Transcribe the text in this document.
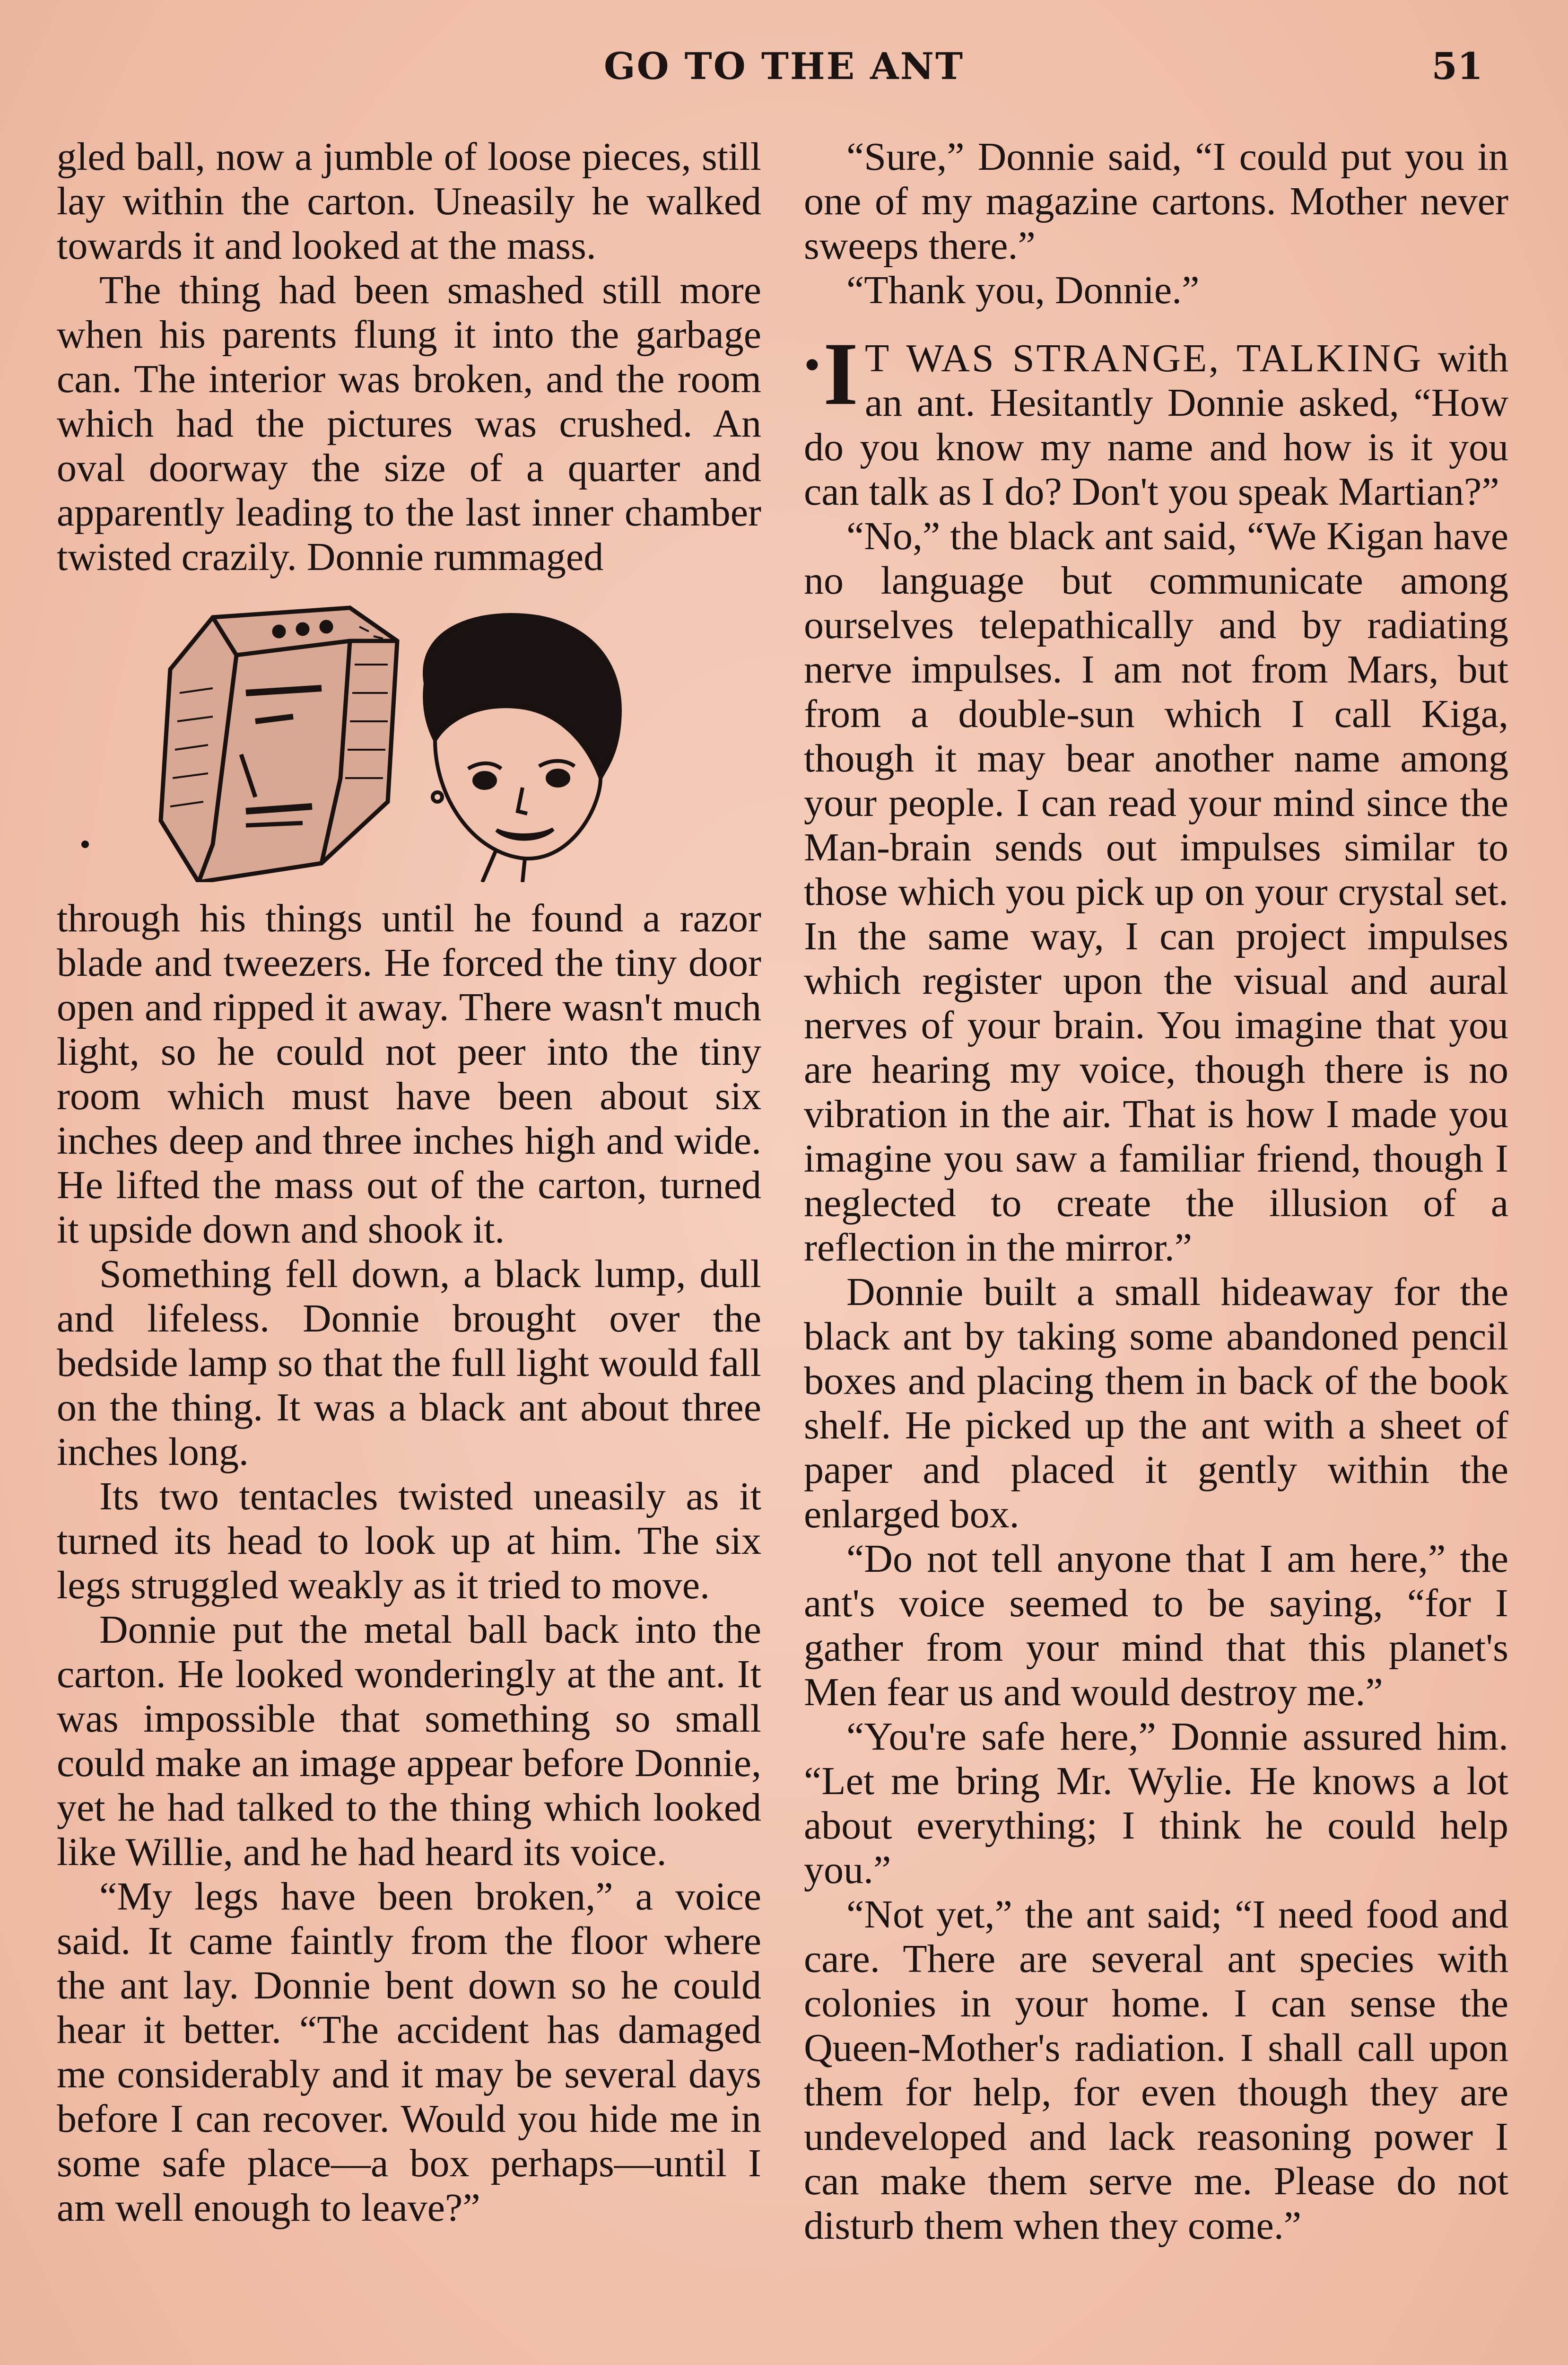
GO TO THE ANT	51

gled ball, now a jumble of loose pieces, still lay within the carton. Uneasily he walked towards it and looked at the mass.

The thing had been smashed still more when his parents flung it into the garbage can. The interior was broken, and the room which had the pictures was crushed. An oval doorway the size of a quarter and apparently leading to the last inner chamber twisted crazily. Donnie rummaged

through his things until he found a razor blade and tweezers. He forced the tiny door open and ripped it away. There wasn't much light, so he could not peer into the tiny room which must have been about six inches deep and three inches high and wide. He lifted the mass out of the carton, turned it upside down and shook it.

Something fell down, a black lump, dull and lifeless. Donnie brought over the bedside lamp so that the full light would fall on the thing. It was a black ant about three inches long.

Its two tentacles twisted uneasily as it turned its head to look up at him. The six legs struggled weakly as it tried to move.

Donnie put the metal ball back into the carton. He looked wonderingly at the ant. It was impossible that something so small could make an image appear before Donnie, yet he had talked to the thing which looked like Willie, and he had heard its voice.

“My legs have been broken,” a voice said. It came faintly from the floor where the ant lay. Donnie bent down so he could hear it better. “The accident has damaged me considerably and it may be several days before I can recover. Would you hide me in some safe place—a box perhaps—until I am well enough to leave?”

“Sure,” Donnie said, “I could put you in one of my magazine cartons. Mother never sweeps there.”

“Thank you, Donnie.”

• I T WAS STRANGE, TALKING with an ant. Hesitantly Donnie asked, “How do you know my name and how is it you can talk as I do? Don't you speak Martian?”

“No,” the black ant said, “We Kigan have no language but communicate among ourselves telepathically and by radiating nerve impulses. I am not from Mars, but from a double-sun which I call Kiga, though it may bear another name among your people. I can read your mind since the Man-brain sends out impulses similar to those which you pick up on your crystal set. In the same way, I can project impulses which register upon the visual and aural nerves of your brain. You imagine that you are hearing my voice, though there is no vibration in the air. That is how I made you imagine you saw a familiar friend, though I neglected to create the illusion of a reflection in the mirror.”

Donnie built a small hideaway for the black ant by taking some abandoned pencil boxes and placing them in back of the book shelf. He picked up the ant with a sheet of paper and placed it gently within the enlarged box.

“Do not tell anyone that I am here,” the ant's voice seemed to be saying, “for I gather from your mind that this planet's Men fear us and would destroy me.”

“You're safe here,” Donnie assured him. “Let me bring Mr. Wylie. He knows a lot about everything; I think he could help you.”

“Not yet,” the ant said; “I need food and care. There are several ant species with colonies in your home. I can sense the Queen-Mother's radiation. I shall call upon them for help, for even though they are undeveloped and lack reasoning power I can make them serve me. Please do not disturb them when they come.”
